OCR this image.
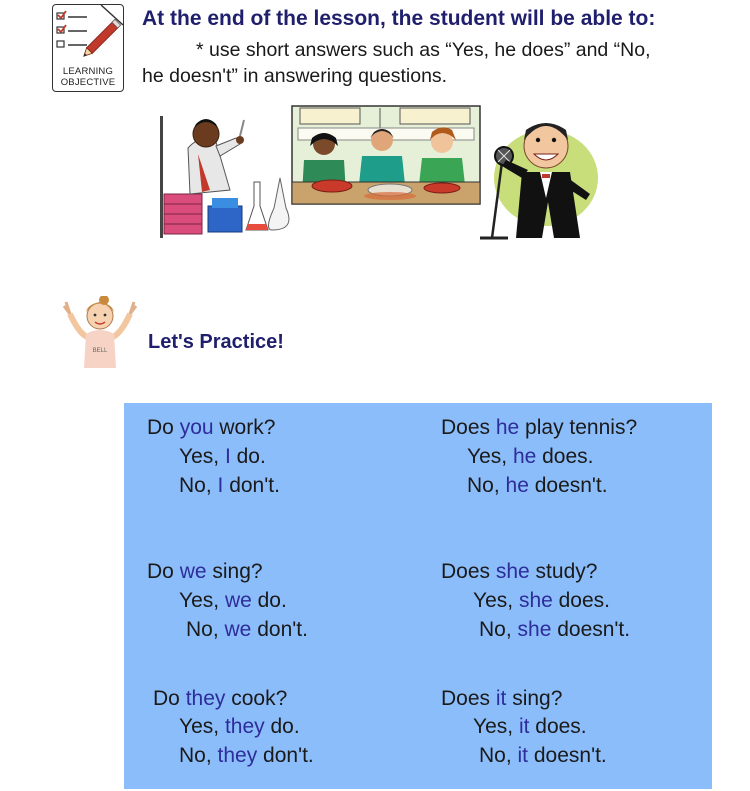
LEARNING
OBJECTIVE
At the end of the lesson, the student will be able to:
* use short answers such as “Yes, he does” and “No,
he doesn't” in answering questions.
BELL Let's Practice!
Do you work?
Yes, I do.
No, I don't.
Does he play tennis?
Yes, he does.
No, he doesn't.
Do we sing?
Yes, we do.
No, we don't.
Does she study?
Yes, she does.
No, she doesn't.
Do they cook?
Yes, they do.
No, they don't.
Does it sing?
Yes, it does.
No, it doesn't.
